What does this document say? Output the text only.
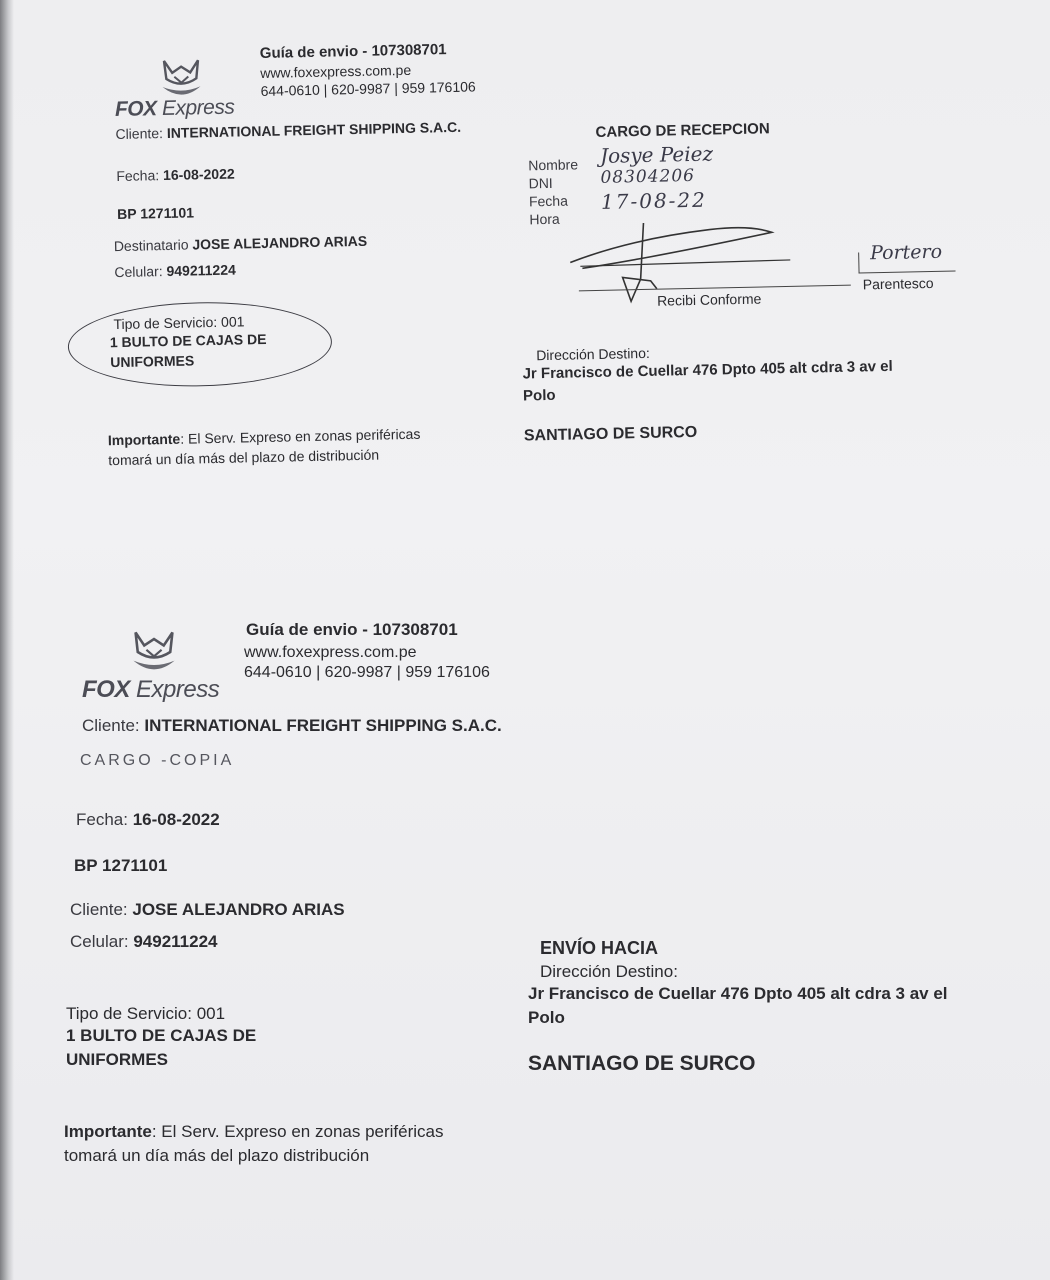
FOX Express
Guía de envio - 107308701
www.foxexpress.com.pe
644-0610 | 620-9987 | 959 176106
Cliente: INTERNATIONAL FREIGHT SHIPPING S.A.C.
Fecha: 16-08-2022
BP 1271101
Destinatario JOSE ALEJANDRO ARIAS
Celular: 949211224
Tipo de Servicio: 001
1 BULTO DE CAJAS DE
UNIFORMES
Importante: El Serv. Expreso en zonas periféricas
tomará un día más del plazo de distribución
CARGO DE RECEPCION
Nombre
DNI
Fecha
Hora
Josye Peiez
08304206
17-08-22
Recibi Conforme
Portero
Parentesco
Dirección Destino:
Jr Francisco de Cuellar 476 Dpto 405 alt cdra 3 av el
Polo
SANTIAGO DE SURCO
FOX Express
Guía de envio - 107308701
www.foxexpress.com.pe
644-0610 | 620-9987 | 959 176106
Cliente: INTERNATIONAL FREIGHT SHIPPING S.A.C.
CARGO -COPIA
Fecha: 16-08-2022
BP 1271101
Cliente: JOSE ALEJANDRO ARIAS
Celular: 949211224	ENVÍO HACIA
Dirección Destino:
Jr Francisco de Cuellar 476 Dpto 405 alt cdra 3 av el
Polo
SANTIAGO DE SURCO
Tipo de Servicio: 001
1 BULTO DE CAJAS DE
UNIFORMES
Importante: El Serv. Expreso en zonas periféricas
tomará un día más del plazo distribución
